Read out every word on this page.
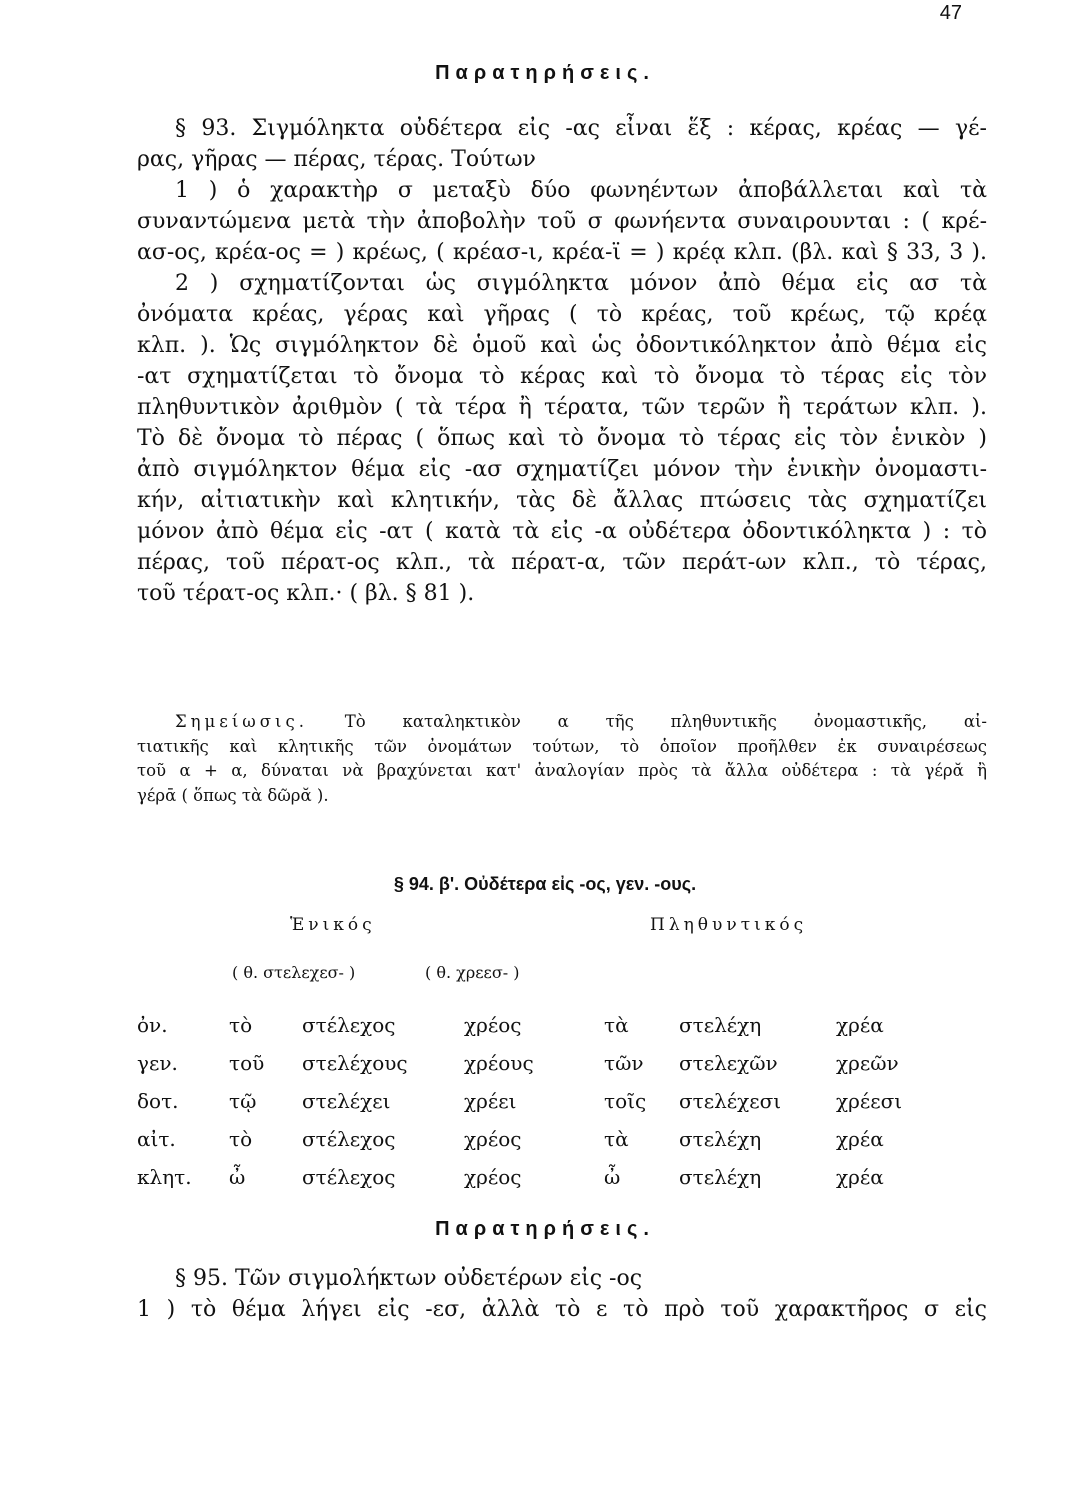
47
Παρατηρήσεις.
§ 93. Σιγμόληκτα οὐδέτερα εἰς -ας εἶναι ἕξ : κέρας, κρέας — γέ-
ρας, γῆρας — πέρας, τέρας. Τούτων
1 ) ὁ χαρακτὴρ σ μεταξὺ δύο φωνηέντων ἀποβάλλεται καὶ τὰ
συναντώμενα μετὰ τὴν ἀποβολὴν τοῦ σ φωνήεντα συναιρουνται : ( κρέ-
ασ-ος, κρέα-ος = ) κρέως, ( κρέασ-ι, κρέα-ϊ = ) κρέᾳ κλπ. (βλ. καὶ § 33, 3 ).
2 ) σχηματίζονται ὡς σιγμόληκτα μόνον ἀπὸ θέμα εἰς ασ τὰ
ὀνόματα κρέας, γέρας καὶ γῆρας ( τὸ κρέας, τοῦ κρέως, τῷ κρέᾳ
κλπ. ). Ὡς σιγμόληκτον δὲ ὁμοῦ καὶ ὡς ὀδοντικόληκτον ἀπὸ θέμα εἰς
-ατ σχηματίζεται τὸ ὄνομα τὸ κέρας καὶ τὸ ὄνομα τὸ τέρας εἰς τὸν
πληθυντικὸν ἀριθμὸν ( τὰ τέρα ἢ τέρατα, τῶν τερῶν ἢ τεράτων κλπ. ).
Τὸ δὲ ὄνομα τὸ πέρας ( ὅπως καὶ τὸ ὄνομα τὸ τέρας εἰς τὸν ἑνικὸν )
ἀπὸ σιγμόληκτον θέμα εἰς -ασ σχηματίζει μόνον τὴν ἑνικὴν ὀνομαστι-
κήν, αἰτιατικὴν καὶ κλητικήν, τὰς δὲ ἄλλας πτώσεις τὰς σχηματίζει
μόνον ἀπὸ θέμα εἰς -ατ ( κατὰ τὰ εἰς -α οὐδέτερα ὀδοντικόληκτα ) : τὸ
πέρας, τοῦ πέρατ-ος κλπ., τὰ πέρατ-α, τῶν περάτ-ων κλπ., τὸ τέρας,
τοῦ τέρατ-ος κλπ.· ( βλ. § 81 ).
Σημείωσις. Τὸ καταληκτικὸν α τῆς πληθυντικῆς ὀνομαστικῆς, αἰ-
τιατικῆς καὶ κλητικῆς τῶν ὀνομάτων τούτων, τὸ ὁποῖον προῆλθεν ἐκ συναιρέσεως
τοῦ α + α, δύναται νὰ βραχύνεται κατ' ἀναλογίαν πρὸς τὰ ἄλλα οὐδέτερα : τὰ γέρᾰ ἢ
γέρᾱ ( ὅπως τὰ δῶρᾰ ).
§ 94. β'. Οὐδέτερα εἰς -ος, γεν. -ους.
Ἑνικός	Πληθυντικός
( θ. στελεχεσ- )	( θ. χρεεσ- )
ὀν.	τὸ	στέλεχος	χρέος	τὰ	στελέχη	χρέα
γεν.	τοῦ	στελέχους	χρέους	τῶν	στελεχῶν	χρεῶν
δοτ.	τῷ	στελέχει	χρέει	τοῖς	στελέχεσι	χρέεσι
αἰτ.	τὸ	στέλεχος	χρέος	τὰ	στελέχη	χρέα
κλητ.	ὦ	στέλεχος	χρέος	ὦ	στελέχη	χρέα
Παρατηρήσεις.
§ 95. Τῶν σιγμολήκτων οὐδετέρων εἰς -ος
1 ) τὸ θέμα λήγει εἰς -εσ, ἀλλὰ τὸ ε τὸ πρὸ τοῦ χαρακτῆρος σ εἰς
